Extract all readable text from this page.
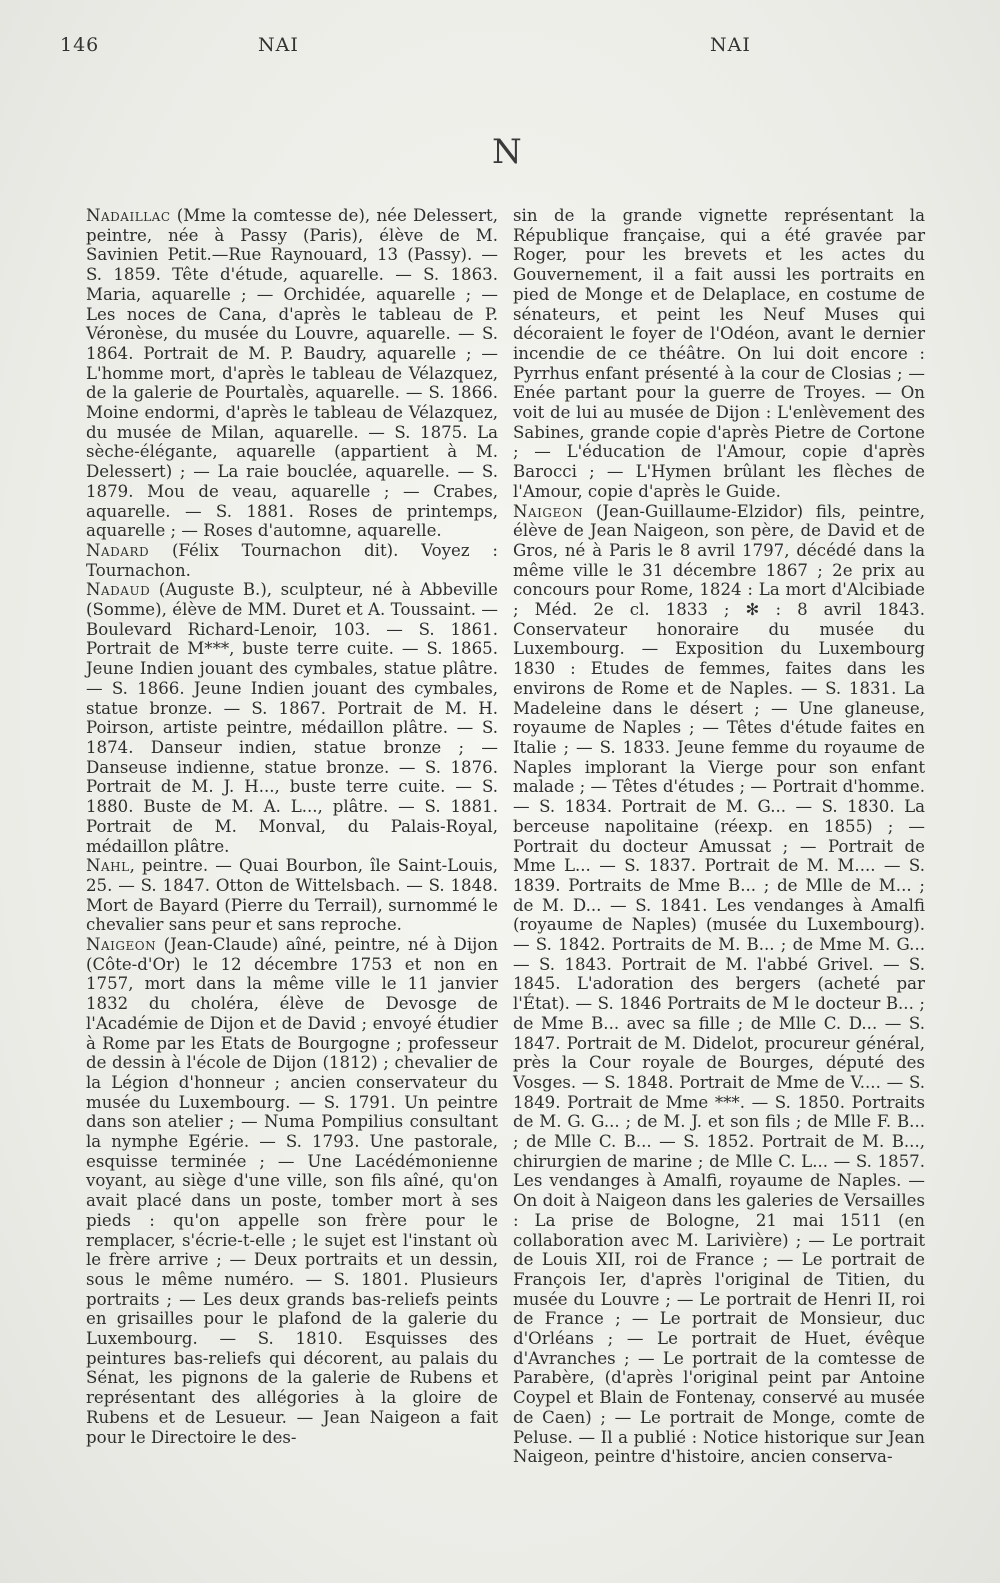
146	NAI	NAI
N

Nadaillac (Mme la comtesse de), née Delessert, peintre, née à Passy (Paris), élève de M. Savinien Petit.—Rue Raynouard, 13 (Passy). — S. 1859. Tête d'étude, aquarelle. — S. 1863. Maria, aquarelle ; — Orchidée, aquarelle ; — Les noces de Cana, d'après le tableau de P. Véronèse, du musée du Louvre, aquarelle. — S. 1864. Portrait de M. P. Baudry, aquarelle ; — L'homme mort, d'après le tableau de Vélazquez, de la galerie de Pourtalès, aquarelle. — S. 1866. Moine endormi, d'après le tableau de Vélazquez, du musée de Milan, aquarelle. — S. 1875. La sèche-élégante, aquarelle (appartient à M. Delessert) ; — La raie bouclée, aquarelle. — S. 1879. Mou de veau, aquarelle ; — Crabes, aquarelle. — S. 1881. Roses de printemps, aquarelle ; — Roses d'automne, aquarelle.

Nadard (Félix Tournachon dit). Voyez : Tournachon.

Nadaud (Auguste B.), sculpteur, né à Abbeville (Somme), élève de MM. Duret et A. Toussaint. — Boulevard Richard-Lenoir, 103. — S. 1861. Portrait de M***, buste terre cuite. — S. 1865. Jeune Indien jouant des cymbales, statue plâtre. — S. 1866. Jeune Indien jouant des cymbales, statue bronze. — S. 1867. Portrait de M. H. Poirson, artiste peintre, médaillon plâtre. — S. 1874. Danseur indien, statue bronze ; — Danseuse indienne, statue bronze. — S. 1876. Portrait de M. J. H..., buste terre cuite. — S. 1880. Buste de M. A. L..., plâtre. — S. 1881. Portrait de M. Monval, du Palais-Royal, médaillon plâtre.

Nahl, peintre. — Quai Bourbon, île Saint-Louis, 25. — S. 1847. Otton de Wittelsbach. — S. 1848. Mort de Bayard (Pierre du Terrail), surnommé le chevalier sans peur et sans reproche.

Naigeon (Jean-Claude) aîné, peintre, né à Dijon (Côte-d'Or) le 12 décembre 1753 et non en 1757, mort dans la même ville le 11 janvier 1832 du choléra, élève de Devosge de l'Académie de Dijon et de David ; envoyé étudier à Rome par les Etats de Bourgogne ; professeur de dessin à l'école de Dijon (1812) ; chevalier de la Légion d'honneur ; ancien conservateur du musée du Luxembourg. — S. 1791. Un peintre dans son atelier ; — Numa Pompilius consultant la nymphe Egérie. — S. 1793. Une pastorale, esquisse terminée ; — Une Lacédémonienne voyant, au siège d'une ville, son fils aîné, qu'on avait placé dans un poste, tomber mort à ses pieds : qu'on appelle son frère pour le remplacer, s'écrie-t-elle ; le sujet est l'instant où le frère arrive ; — Deux portraits et un dessin, sous le même numéro. — S. 1801. Plusieurs portraits ; — Les deux grands bas-reliefs peints en grisailles pour le plafond de la galerie du Luxembourg. — S. 1810. Esquisses des peintures bas-reliefs qui décorent, au palais du Sénat, les pignons de la galerie de Rubens et représentant des allégories à la gloire de Rubens et de Lesueur. — Jean Naigeon a fait pour le Directoire le des-

sin de la grande vignette représentant la République française, qui a été gravée par Roger, pour les brevets et les actes du Gouvernement, il a fait aussi les portraits en pied de Monge et de Delaplace, en costume de sénateurs, et peint les Neuf Muses qui décoraient le foyer de l'Odéon, avant le dernier incendie de ce théâtre. On lui doit encore : Pyrrhus enfant présenté à la cour de Closias ; — Enée partant pour la guerre de Troyes. — On voit de lui au musée de Dijon : L'enlèvement des Sabines, grande copie d'après Pietre de Cortone ; — L'éducation de l'Amour, copie d'après Barocci ; — L'Hymen brûlant les flèches de l'Amour, copie d'après le Guide.

Naigeon (Jean-Guillaume-Elzidor) fils, peintre, élève de Jean Naigeon, son père, de David et de Gros, né à Paris le 8 avril 1797, décédé dans la même ville le 31 décembre 1867 ; 2e prix au concours pour Rome, 1824 : La mort d'Alcibiade ; Méd. 2e cl. 1833 ; ✻ : 8 avril 1843. Conservateur honoraire du musée du Luxembourg. — Exposition du Luxembourg 1830 : Etudes de femmes, faites dans les environs de Rome et de Naples. — S. 1831. La Madeleine dans le désert ; — Une glaneuse, royaume de Naples ; — Têtes d'étude faites en Italie ; — S. 1833. Jeune femme du royaume de Naples implorant la Vierge pour son enfant malade ; — Têtes d'études ; — Portrait d'homme. — S. 1834. Portrait de M. G... — S. 1830. La berceuse napolitaine (réexp. en 1855) ; — Portrait du docteur Amussat ; — Portrait de Mme L... — S. 1837. Portrait de M. M.... — S. 1839. Portraits de Mme B... ; de Mlle de M... ; de M. D... — S. 1841. Les vendanges à Amalfi (royaume de Naples) (musée du Luxembourg). — S. 1842. Portraits de M. B... ; de Mme M. G... — S. 1843. Portrait de M. l'abbé Grivel. — S. 1845. L'adoration des bergers (acheté par l'État). — S. 1846 Portraits de M le docteur B... ; de Mme B... avec sa fille ; de Mlle C. D... — S. 1847. Portrait de M. Didelot, procureur général, près la Cour royale de Bourges, député des Vosges. — S. 1848. Portrait de Mme de V.... — S. 1849. Portrait de Mme ***. — S. 1850. Portraits de M. G. G... ; de M. J. et son fils ; de Mlle F. B... ; de Mlle C. B... — S. 1852. Portrait de M. B..., chirurgien de marine ; de Mlle C. L... — S. 1857. Les vendanges à Amalfi, royaume de Naples. — On doit à Naigeon dans les galeries de Versailles : La prise de Bologne, 21 mai 1511 (en collaboration avec M. Larivière) ; — Le portrait de Louis XII, roi de France ; — Le portrait de François Ier, d'après l'original de Titien, du musée du Louvre ; — Le portrait de Henri II, roi de France ; — Le portrait de Monsieur, duc d'Orléans ; — Le portrait de Huet, évêque d'Avranches ; — Le portrait de la comtesse de Parabère, (d'après l'original peint par Antoine Coypel et Blain de Fontenay, conservé au musée de Caen) ; — Le portrait de Monge, comte de Peluse. — Il a publié : Notice historique sur Jean Naigeon, peintre d'histoire, ancien conserva-
